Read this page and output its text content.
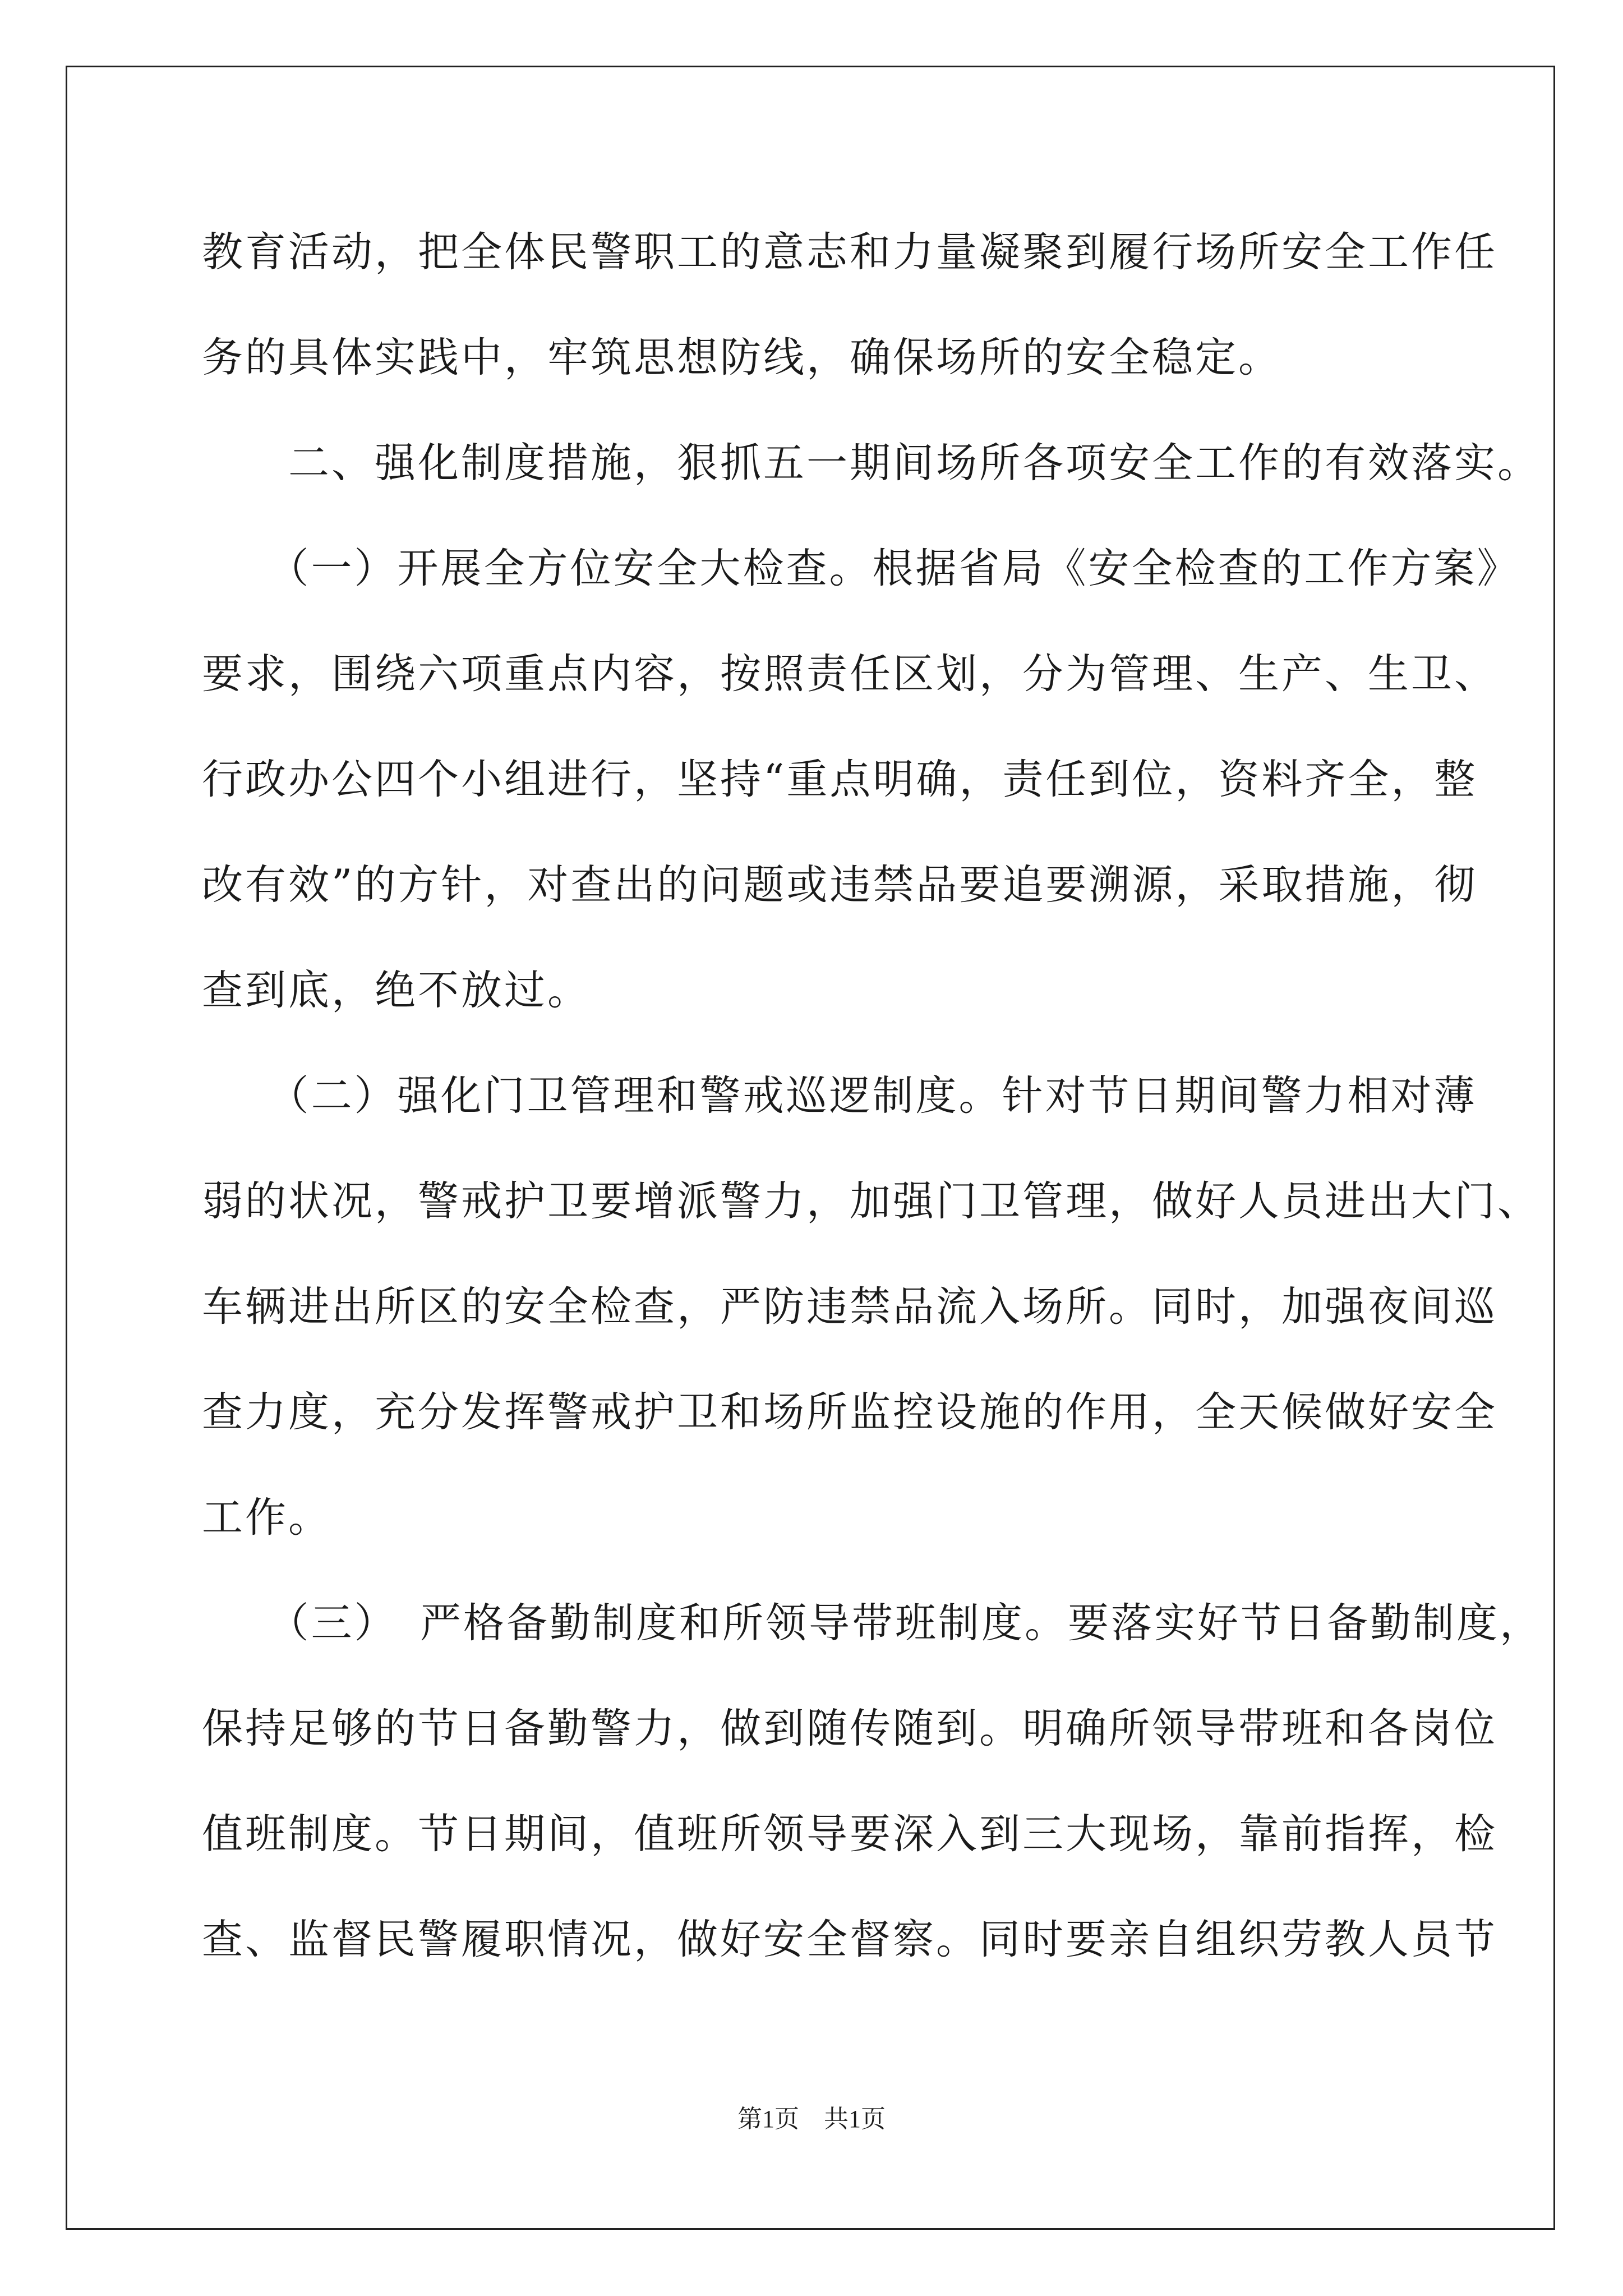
教育活动，把全体民警职工的意志和力量凝聚到履行场所安全工作任
务的具体实践中，牢筑思想防线，确保场所的安全稳定。
　　二、强化制度措施，狠抓五一期间场所各项安全工作的有效落实。
　　（一）开展全方位安全大检查。根据省局《安全检查的工作方案》
要求，围绕六项重点内容，按照责任区划，分为管理、生产、生卫、
行政办公四个小组进行，坚持“重点明确，责任到位，资料齐全，整
改有效”的方针，对查出的问题或违禁品要追要溯源，采取措施，彻
查到底，绝不放过。
　　（二）强化门卫管理和警戒巡逻制度。针对节日期间警力相对薄
弱的状况，警戒护卫要增派警力，加强门卫管理，做好人员进出大门、
车辆进出所区的安全检查，严防违禁品流入场所。同时，加强夜间巡
查力度，充分发挥警戒护卫和场所监控设施的作用，全天候做好安全
工作。
　　（三）　严格备勤制度和所领导带班制度。要落实好节日备勤制度，
保持足够的节日备勤警力，做到随传随到。明确所领导带班和各岗位
值班制度。节日期间，值班所领导要深入到三大现场，靠前指挥，检
查、监督民警履职情况，做好安全督察。同时要亲自组织劳教人员节
第1页　共1页
